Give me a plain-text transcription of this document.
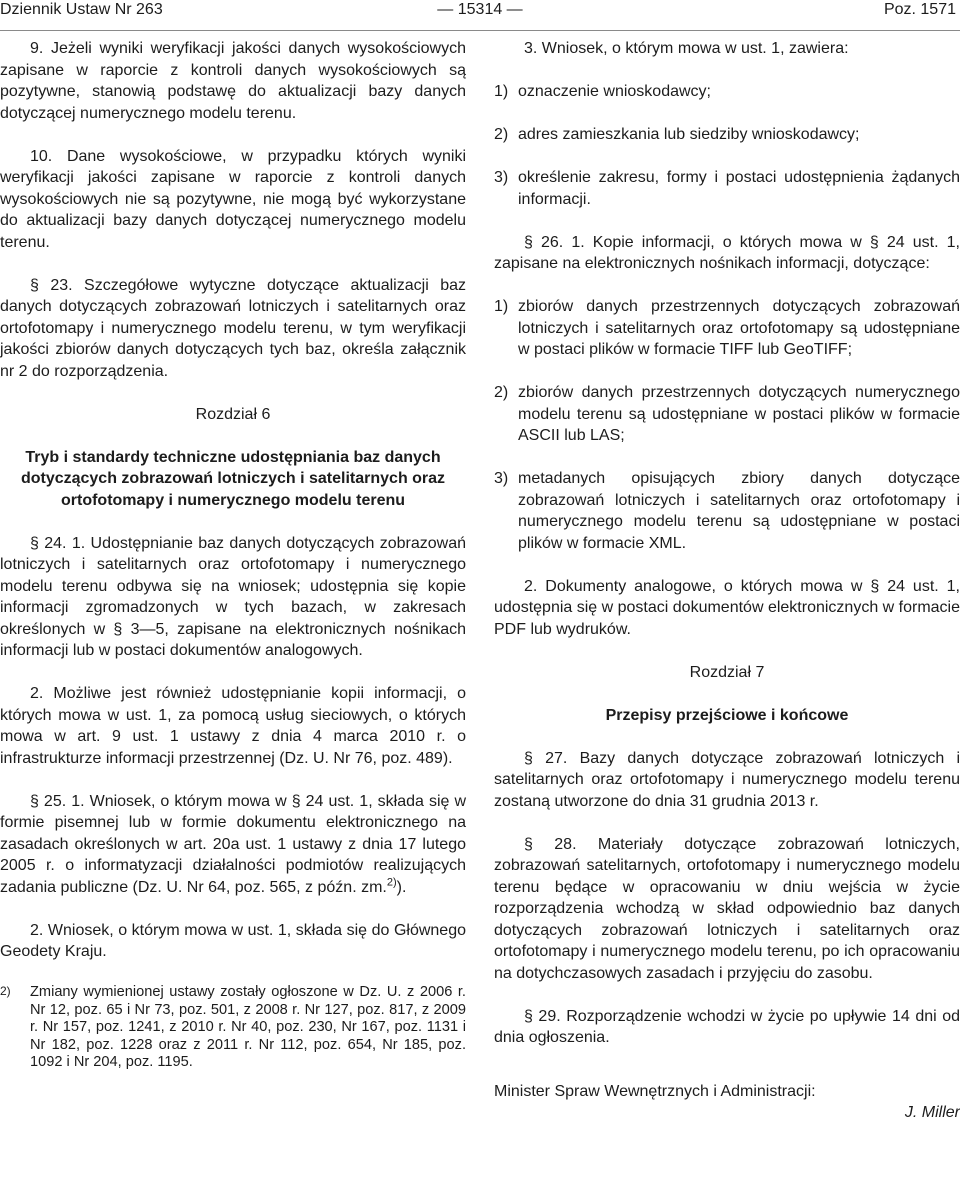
Dziennik Ustaw Nr 263	— 15314 —	Poz. 1571

9. Jeżeli wyniki weryfikacji jakości danych wysokościowych zapisane w raporcie z kontroli danych wysokościowych są pozytywne, stanowią podstawę do aktualizacji bazy danych dotyczącej numerycznego modelu terenu.

10. Dane wysokościowe, w przypadku których wyniki weryfikacji jakości zapisane w raporcie z kontroli danych wysokościowych nie są pozytywne, nie mogą być wykorzystane do aktualizacji bazy danych dotyczącej numerycznego modelu terenu.

§ 23. Szczegółowe wytyczne dotyczące aktualizacji baz danych dotyczących zobrazowań lotniczych i satelitarnych oraz ortofotomapy i numerycznego modelu terenu, w tym weryfikacji jakości zbiorów danych dotyczących tych baz, określa załącznik nr 2 do rozporządzenia.

Rozdział 6
Tryb i standardy techniczne udostępniania baz danych dotyczących zobrazowań lotniczych i satelitarnych oraz ortofotomapy i numerycznego modelu terenu

§ 24. 1. Udostępnianie baz danych dotyczących zobrazowań lotniczych i satelitarnych oraz ortofotomapy i numerycznego modelu terenu odbywa się na wniosek; udostępnia się kopie informacji zgromadzonych w tych bazach, w zakresach określonych w § 3—5, zapisane na elektronicznych nośnikach informacji lub w postaci dokumentów analogowych.

2. Możliwe jest również udostępnianie kopii informacji, o których mowa w ust. 1, za pomocą usług sieciowych, o których mowa w art. 9 ust. 1 ustawy z dnia 4 marca 2010 r. o infrastrukturze informacji przestrzennej (Dz. U. Nr 76, poz. 489).

§ 25. 1. Wniosek, o którym mowa w § 24 ust. 1, składa się w formie pisemnej lub w formie dokumentu elektronicznego na zasadach określonych w art. 20a ust. 1 ustawy z dnia 17 lutego 2005 r. o informatyzacji działalności podmiotów realizujących zadania publiczne (Dz. U. Nr 64, poz. 565, z późn. zm.$^{2)}$).

2. Wniosek, o którym mowa w ust. 1, składa się do Głównego Geodety Kraju.

2)	Zmiany wymienionej ustawy zostały ogłoszone w Dz. U. z 2006 r. Nr 12, poz. 65 i Nr 73, poz. 501, z 2008 r. Nr 127, poz. 817, z 2009 r. Nr 157, poz. 1241, z 2010 r. Nr 40, poz. 230, Nr 167, poz. 1131 i Nr 182, poz. 1228 oraz z 2011 r. Nr 112, poz. 654, Nr 185, poz. 1092 i Nr 204, poz. 1195.

3. Wniosek, o którym mowa w ust. 1, zawiera:

1) oznaczenie wnioskodawcy;
2) adres zamieszkania lub siedziby wnioskodawcy;
3) określenie zakresu, formy i postaci udostępnienia żądanych informacji.

§ 26. 1. Kopie informacji, o których mowa w § 24 ust. 1, zapisane na elektronicznych nośnikach informacji, dotyczące:

1) zbiorów danych przestrzennych dotyczących zobrazowań lotniczych i satelitarnych oraz ortofotomapy są udostępniane w postaci plików w formacie TIFF lub GeoTIFF;
2) zbiorów danych przestrzennych dotyczących numerycznego modelu terenu są udostępniane w postaci plików w formacie ASCII lub LAS;
3) metadanych opisujących zbiory danych dotyczące zobrazowań lotniczych i satelitarnych oraz ortofotomapy i numerycznego modelu terenu są udostępniane w postaci plików w formacie XML.

2. Dokumenty analogowe, o których mowa w § 24 ust. 1, udostępnia się w postaci dokumentów elektronicznych w formacie PDF lub wydruków.

Rozdział 7
Przepisy przejściowe i końcowe

§ 27. Bazy danych dotyczące zobrazowań lotniczych i satelitarnych oraz ortofotomapy i numerycznego modelu terenu zostaną utworzone do dnia 31 grudnia 2013 r.

§ 28. Materiały dotyczące zobrazowań lotniczych, zobrazowań satelitarnych, ortofotomapy i numerycznego modelu terenu będące w opracowaniu w dniu wejścia w życie rozporządzenia wchodzą w skład odpowiednio baz danych dotyczących zobrazowań lotniczych i satelitarnych oraz ortofotomapy i numerycznego modelu terenu, po ich opracowaniu na dotychczasowych zasadach i przyjęciu do zasobu.

§ 29. Rozporządzenie wchodzi w życie po upływie 14 dni od dnia ogłoszenia.

Minister Spraw Wewnętrznych i Administracji:
J. Miller
